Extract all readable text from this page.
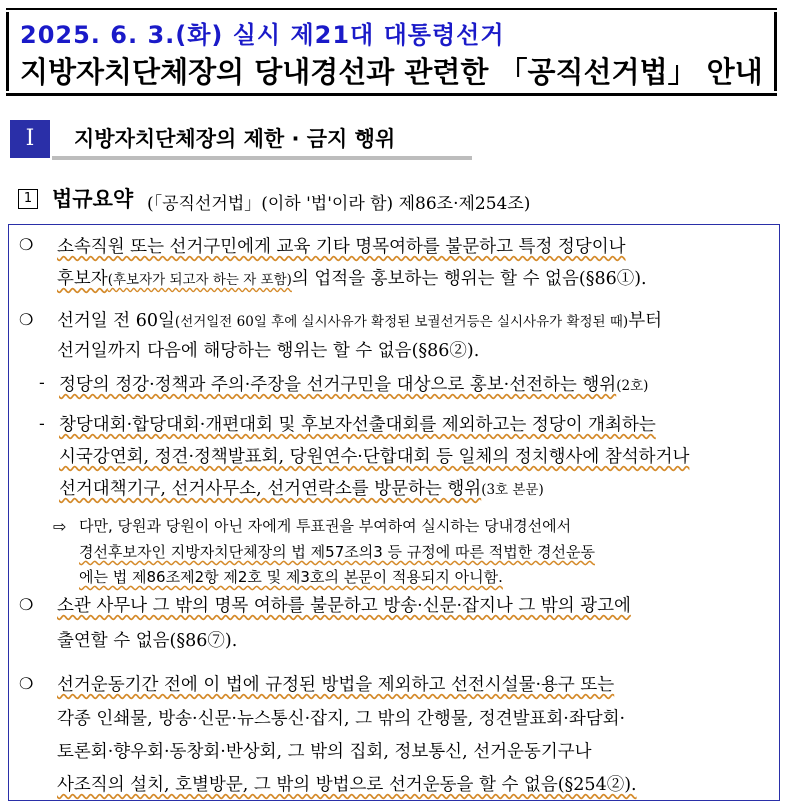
2025. 6. 3.(화) 실시 제21대 대통령선거
지방자치단체장의 당내경선과 관련한 「공직선거법」 안내
I	지방자치단체장의 제한 · 금지 행위
1 법규요약 (「공직선거법」(이하 '법'이라 함) 제86조·제254조)
❍ 소속직원 또는 선거구민에게 교육 기타 명목여하를 불문하고 특정 정당이나
후보자(후보자가 되고자 하는 자 포함)의 업적을 홍보하는 행위는 할 수 없음(§86①).
❍ 선거일 전 60일(선거일전 60일 후에 실시사유가 확정된 보궐선거등은 실시사유가 확정된 때)부터
선거일까지 다음에 해당하는 행위는 할 수 없음(§86②).
- 정당의 정강·정책과 주의·주장을 선거구민을 대상으로 홍보·선전하는 행위(2호)
- 창당대회·합당대회·개편대회 및 후보자선출대회를 제외하고는 정당이 개최하는
시국강연회, 정견·정책발표회, 당원연수·단합대회 등 일체의 정치행사에 참석하거나
선거대책기구, 선거사무소, 선거연락소를 방문하는 행위(3호 본문)
⇨ 다만, 당원과 당원이 아닌 자에게 투표권을 부여하여 실시하는 당내경선에서
경선후보자인 지방자치단체장의 법 제57조의3 등 규정에 따른 적법한 경선운동
에는 법 제86조제2항 제2호 및 제3호의 본문이 적용되지 아니함.
❍ 소관 사무나 그 밖의 명목 여하를 불문하고 방송·신문·잡지나 그 밖의 광고에
출연할 수 없음(§86⑦).
❍ 선거운동기간 전에 이 법에 규정된 방법을 제외하고 선전시설물·용구 또는
각종 인쇄물, 방송·신문·뉴스통신·잡지, 그 밖의 간행물, 정견발표회·좌담회·
토론회·향우회·동창회·반상회, 그 밖의 집회, 정보통신, 선거운동기구나
사조직의 설치, 호별방문, 그 밖의 방법으로 선거운동을 할 수 없음(§254②).
